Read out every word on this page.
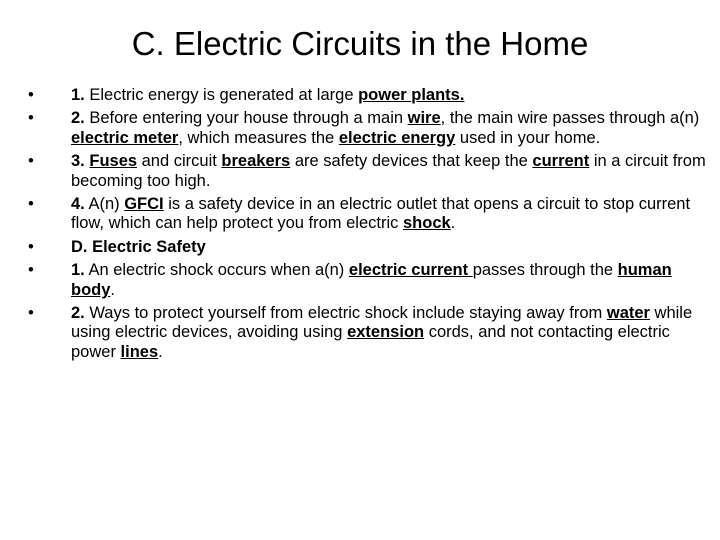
C. Electric Circuits in the Home
•	1. Electric energy is generated at large power plants.
•	2. Before entering your house through a main wire, the main wire passes through a(n) electric meter, which measures the electric energy used in your home.
•	3. Fuses and circuit breakers are safety devices that keep the current in a circuit from becoming too high.
•	4. A(n) GFCI is a safety device in an electric outlet that opens a circuit to stop current flow, which can help protect you from electric shock.
•	D. Electric Safety
•	1. An electric shock occurs when a(n) electric current passes through the human body.
•	2. Ways to protect yourself from electric shock include staying away from water while using electric devices, avoiding using extension cords, and not contacting electric power lines.
